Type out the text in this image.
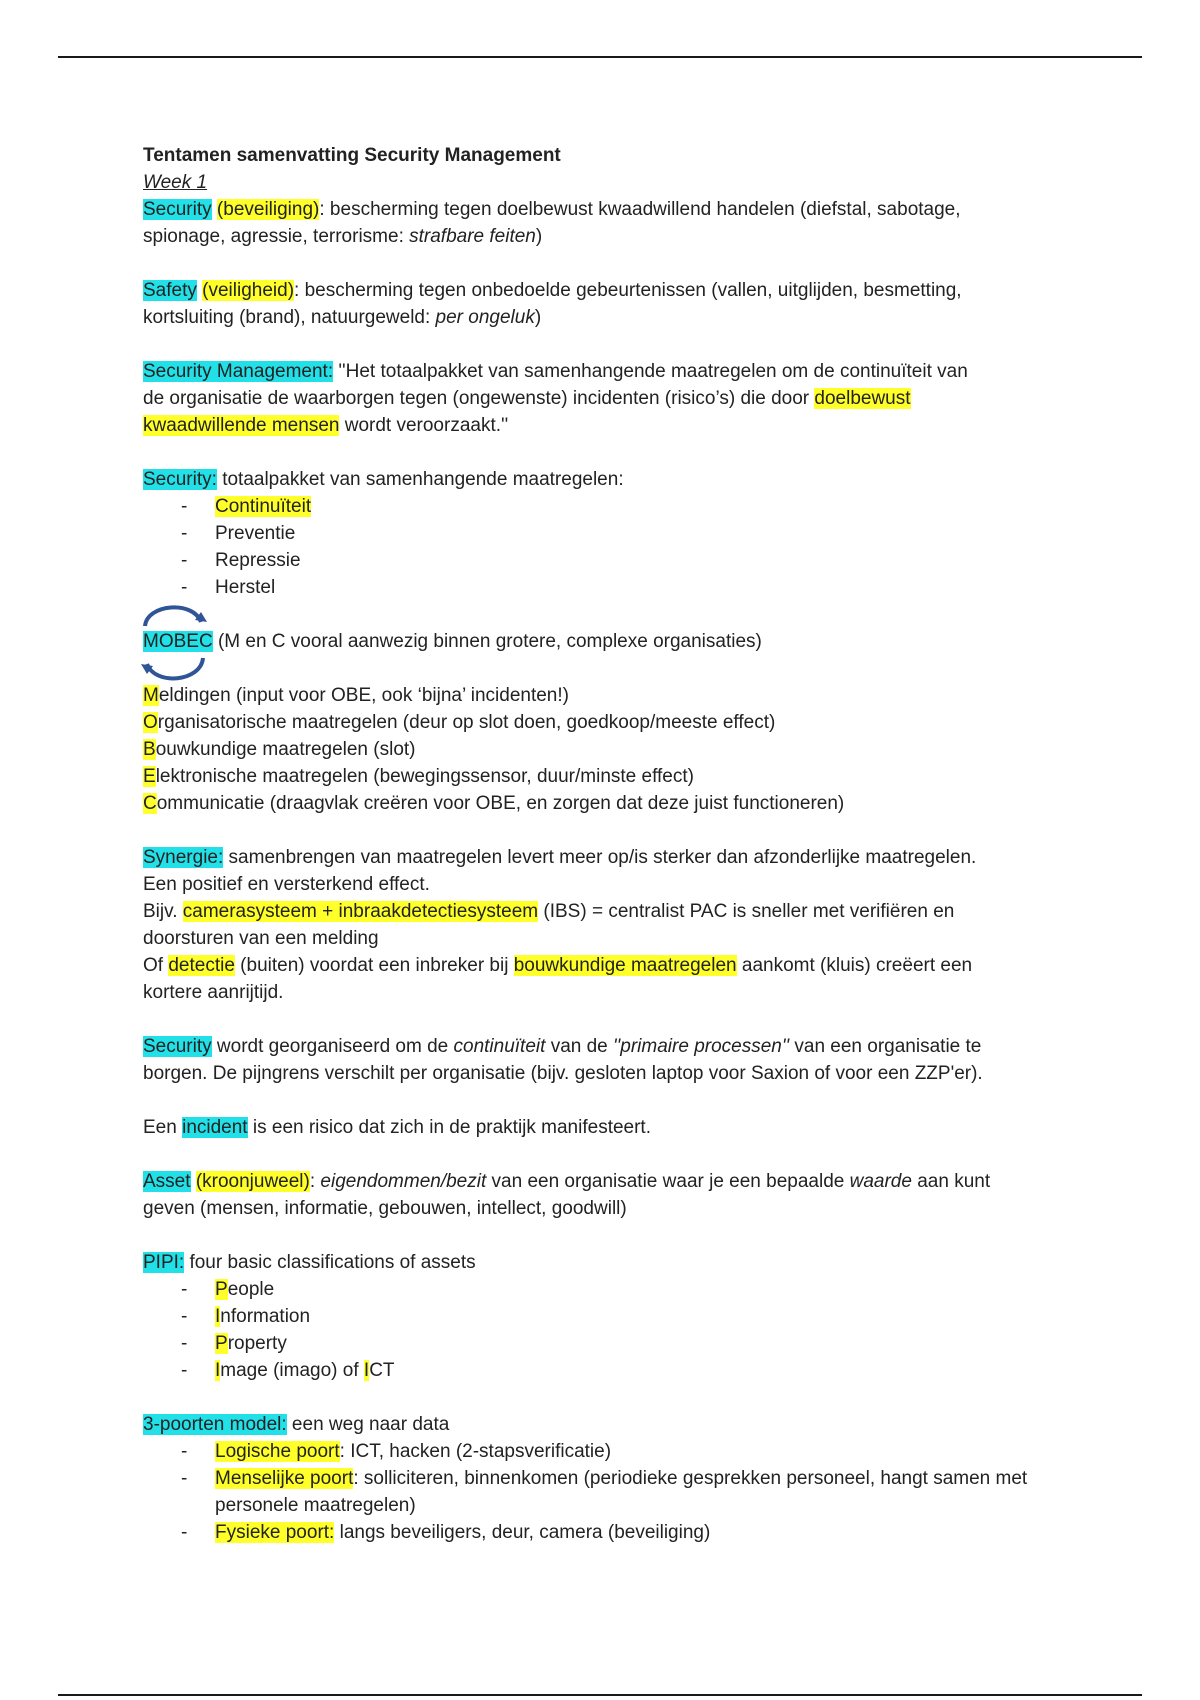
Tentamen samenvatting Security Management

Week 1

Security (beveiliging): bescherming tegen doelbewust kwaadwillend handelen (diefstal, sabotage,

spionage, agressie, terrorisme: strafbare feiten)

Safety (veiligheid): bescherming tegen onbedoelde gebeurtenissen (vallen, uitglijden, besmetting,

kortsluiting (brand), natuurgeweld: per ongeluk)

Security Management: ''Het totaalpakket van samenhangende maatregelen om de continuïteit van

de organisatie de waarborgen tegen (ongewenste) incidenten (risico’s) die door doelbewust

kwaadwillende mensen wordt veroorzaakt.''

Security: totaalpakket van samenhangende maatregelen:

- Continuïteit
- Preventie
- Repressie
- Herstel
MOBEC (M en C vooral aanwezig binnen grotere, complexe organisaties)

Meldingen (input voor OBE, ook ‘bijna’ incidenten!)

Organisatorische maatregelen (deur op slot doen, goedkoop/meeste effect)

Bouwkundige maatregelen (slot)

Elektronische maatregelen (bewegingssensor, duur/minste effect)

Communicatie (draagvlak creëren voor OBE, en zorgen dat deze juist functioneren)

Synergie: samenbrengen van maatregelen levert meer op/is sterker dan afzonderlijke maatregelen.

Een positief en versterkend effect.

Bijv. camerasysteem + inbraakdetectiesysteem (IBS) = centralist PAC is sneller met verifiëren en

doorsturen van een melding

Of detectie (buiten) voordat een inbreker bij bouwkundige maatregelen aankomt (kluis) creëert een

kortere aanrijtijd.

Security wordt georganiseerd om de continuïteit van de ''primaire processen'' van een organisatie te

borgen. De pijngrens verschilt per organisatie (bijv. gesloten laptop voor Saxion of voor een ZZP'er).

Een incident is een risico dat zich in de praktijk manifesteert.

Asset (kroonjuweel): eigendommen/bezit van een organisatie waar je een bepaalde waarde aan kunt

geven (mensen, informatie, gebouwen, intellect, goodwill)

PIPI: four basic classifications of assets

- People
- Information
- Property
- Image (imago) of ICT

3-poorten model: een weg naar data

- Logische poort: ICT, hacken (2-stapsverificatie)
- Menselijke poort: solliciteren, binnenkomen (periodieke gesprekken personeel, hangt samen met personele maatregelen)
- Fysieke poort: langs beveiligers, deur, camera (beveiliging)
